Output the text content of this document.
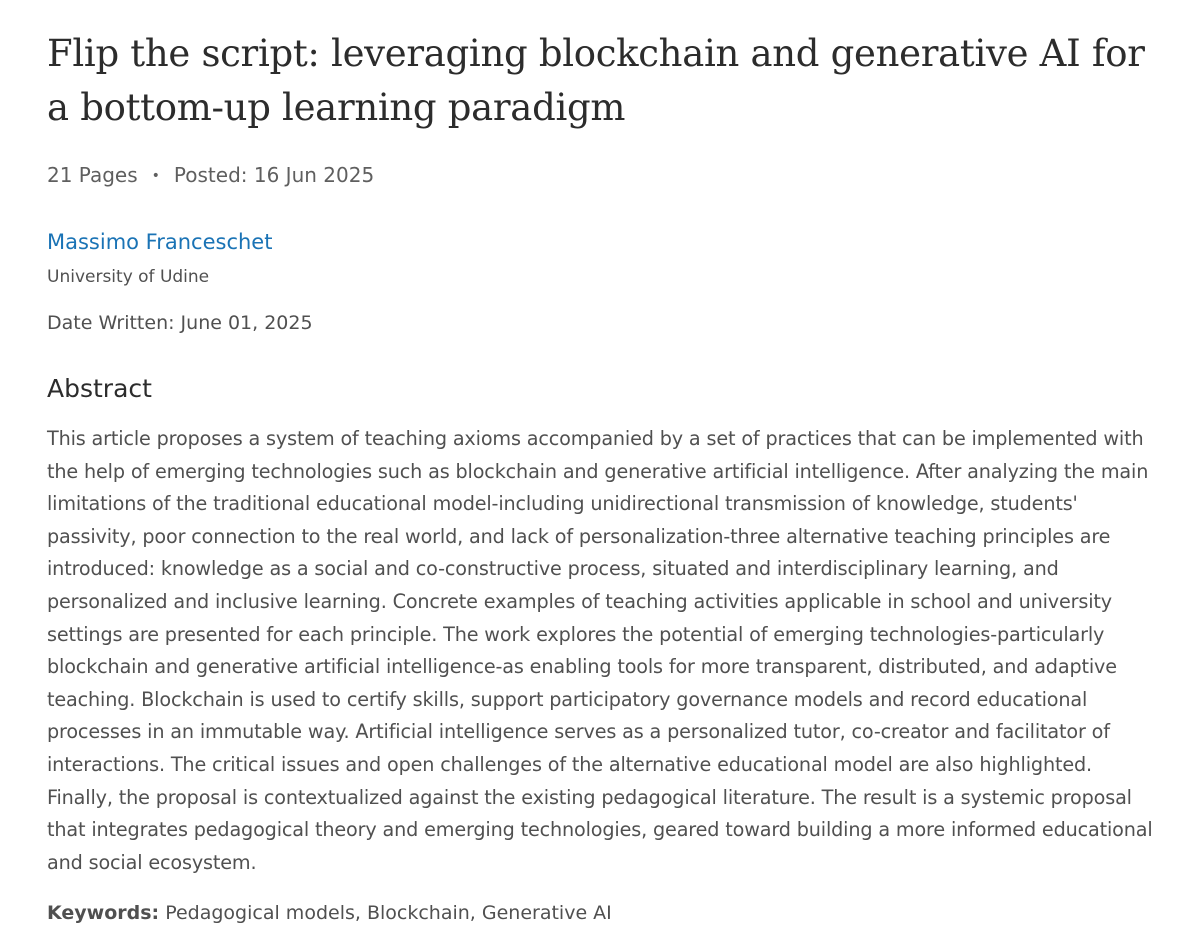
Flip the script: leveraging blockchain and generative AI for a bottom-up learning paradigm
21 Pages • Posted: 16 Jun 2025
Massimo Franceschet
University of Udine
Date Written: June 01, 2025
Abstract

This article proposes a system of teaching axioms accompanied by a set of practices that can be implemented with the help of emerging technologies such as blockchain and generative artificial intelligence. After analyzing the main limitations of the traditional educational model-including unidirectional transmission of knowledge, students' passivity, poor connection to the real world, and lack of personalization-three alternative teaching principles are introduced: knowledge as a social and co-constructive process, situated and interdisciplinary learning, and personalized and inclusive learning. Concrete examples of teaching activities applicable in school and university settings are presented for each principle. The work explores the potential of emerging technologies-particularly blockchain and generative artificial intelligence-as enabling tools for more transparent, distributed, and adaptive teaching. Blockchain is used to certify skills, support participatory governance models and record educational processes in an immutable way. Artificial intelligence serves as a personalized tutor, co-creator and facilitator of interactions. The critical issues and open challenges of the alternative educational model are also highlighted. Finally, the proposal is contextualized against the existing pedagogical literature. The result is a systemic proposal that integrates pedagogical theory and emerging technologies, geared toward building a more informed educational and social ecosystem.

Keywords: Pedagogical models, Blockchain, Generative AI
